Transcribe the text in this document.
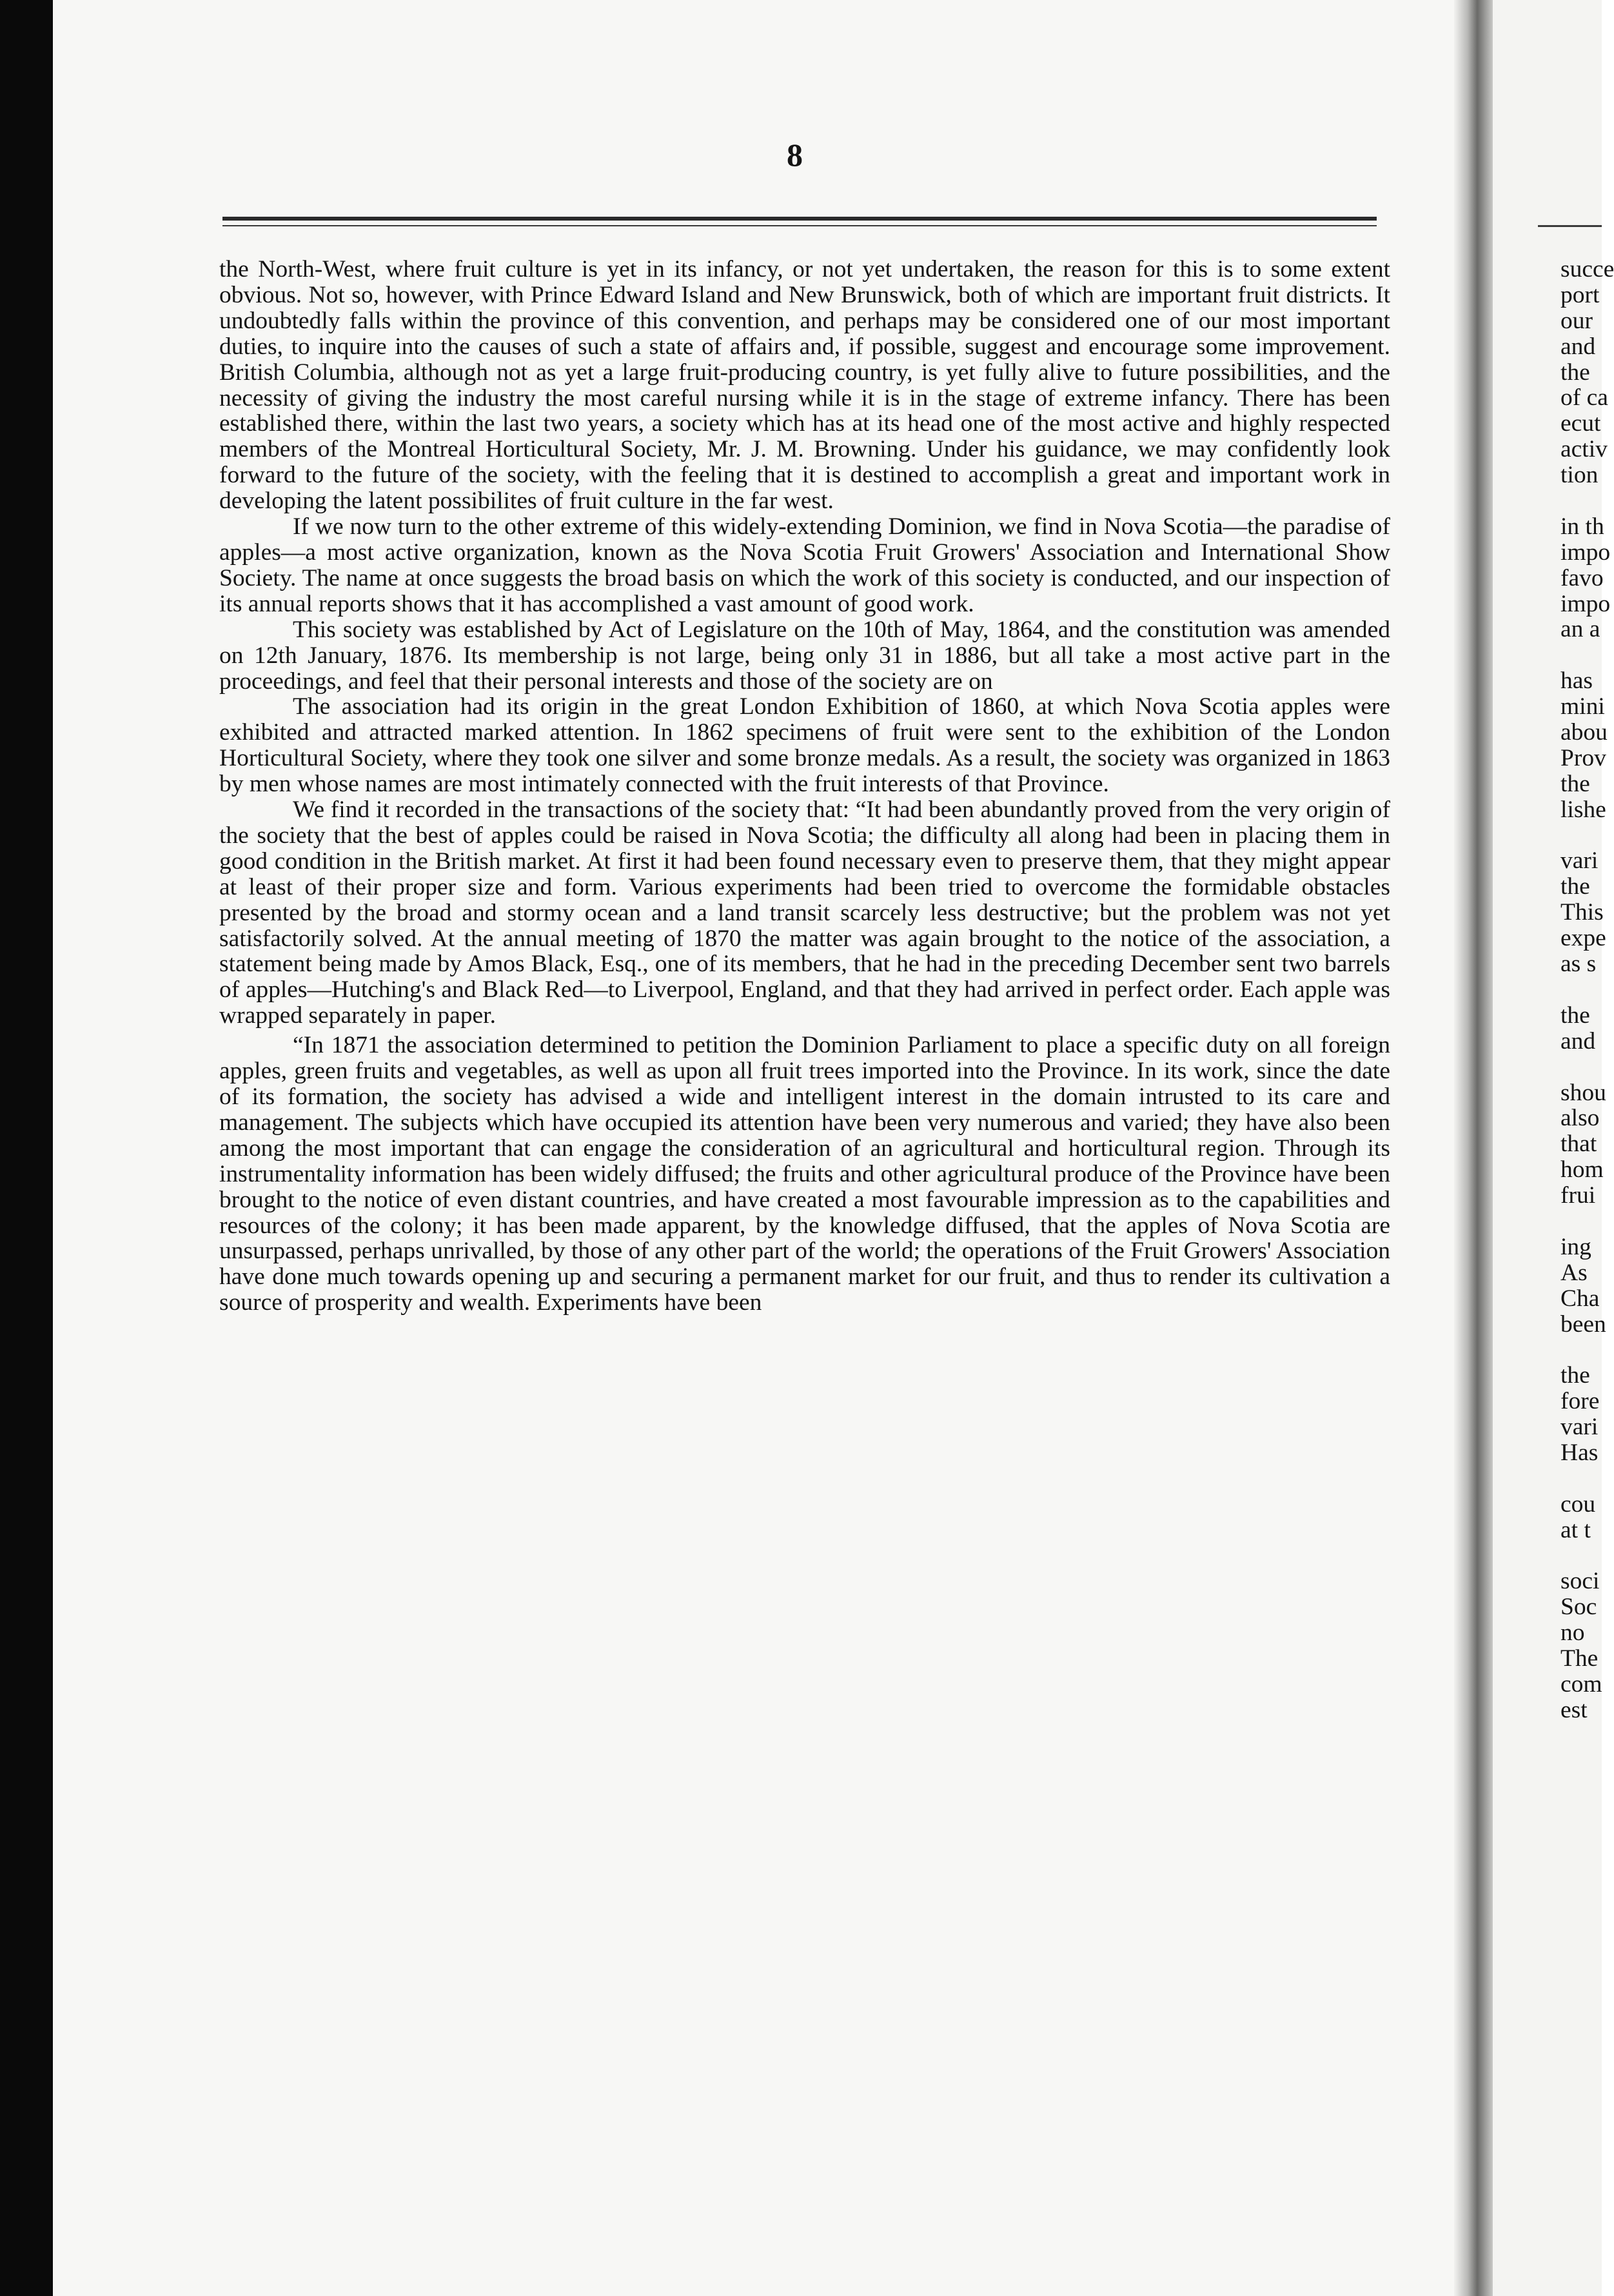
8

the North-West, where fruit culture is yet in its infancy, or not yet undertaken, the reason for this is to some extent obvious. Not so, however, with Prince Edward Island and New Brunswick, both of which are important fruit districts. It undoubtedly falls within the province of this convention, and perhaps may be considered one of our most important duties, to inquire into the causes of such a state of affairs and, if possible, suggest and encourage some improvement. British Columbia, although not as yet a large fruit-producing country, is yet fully alive to future possibilities, and the necessity of giving the industry the most careful nursing while it is in the stage of extreme infancy. There has been established there, within the last two years, a society which has at its head one of the most active and highly respected members of the Montreal Horticultural Society, Mr. J. M. Browning. Under his guidance, we may confidently look forward to the future of the society, with the feeling that it is destined to accomplish a great and important work in developing the latent possibilites of fruit culture in the far west.

If we now turn to the other extreme of this widely-extending Dominion, we find in Nova Scotia—the paradise of apples—a most active organization, known as the Nova Scotia Fruit Growers' Association and International Show Society. The name at once suggests the broad basis on which the work of this society is conducted, and our inspection of its annual reports shows that it has accomplished a vast amount of good work.

This society was established by Act of Legislature on the 10th of May, 1864, and the constitution was amended on 12th January, 1876. Its membership is not large, being only 31 in 1886, but all take a most active part in the proceedings, and feel that their personal interests and those of the society are on

The association had its origin in the great London Exhibition of 1860, at which Nova Scotia apples were exhibited and attracted marked attention. In 1862 specimens of fruit were sent to the exhibition of the London Horticultural Society, where they took one silver and some bronze medals. As a result, the society was organized in 1863 by men whose names are most intimately connected with the fruit interests of that Province.

We find it recorded in the transactions of the society that: “It had been abundantly proved from the very origin of the society that the best of apples could be raised in Nova Scotia; the difficulty all along had been in placing them in good condition in the British market. At first it had been found necessary even to preserve them, that they might appear at least of their proper size and form. Various experiments had been tried to overcome the formidable obstacles presented by the broad and stormy ocean and a land transit scarcely less destructive; but the problem was not yet satisfactorily solved. At the annual meeting of 1870 the matter was again brought to the notice of the association, a statement being made by Amos Black, Esq., one of its members, that he had in the preceding December sent two barrels of apples—Hutching's and Black Red—to Liverpool, England, and that they had arrived in perfect order. Each apple was wrapped separately in paper.

“In 1871 the association determined to petition the Dominion Parliament to place a specific duty on all foreign apples, green fruits and vegetables, as well as upon all fruit trees imported into the Province. In its work, since the date of its formation, the society has advised a wide and intelligent interest in the domain intrusted to its care and management. The subjects which have occupied its attention have been very numerous and varied; they have also been among the most important that can engage the consideration of an agricultural and horticultural region. Through its instrumentality information has been widely diffused; the fruits and other agricultural produce of the Province have been brought to the notice of even distant countries, and have created a most favourable impression as to the capabilities and resources of the colony; it has been made apparent, by the knowledge diffused, that the apples of Nova Scotia are unsurpassed, perhaps unrivalled, by those of any other part of the world; the operations of the Fruit Growers' Association have done much towards opening up and securing a permanent market for our fruit, and thus to render its cultivation a source of prosperity and wealth. Experiments have been

succe
port
our
and
the
of ca
ecut
activ
tion
in th
impo
favo
impo
an a
has
mini
abou
Prov
the
lishe
vari
the
This
expe
as s
the
and
shou
also
that
hom
frui
ing
As
Cha
been
the
fore
vari
Has
cou
at t
soci
Soc
no
The
com
est
